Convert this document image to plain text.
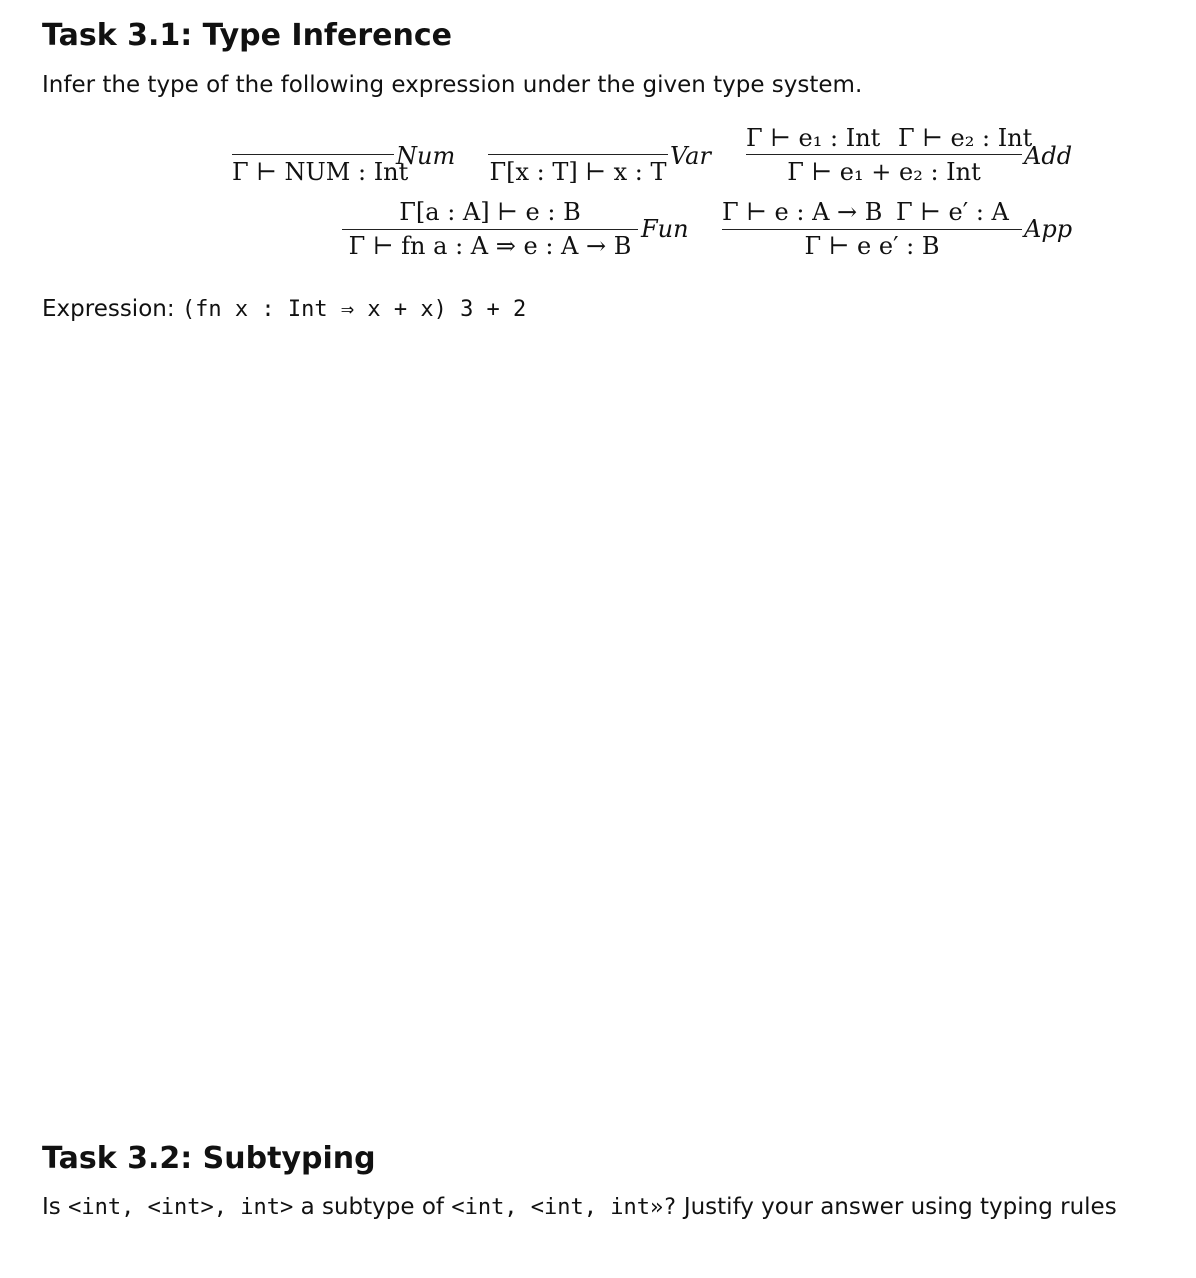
Task 3.1: Type Inference

Infer the type of the following expression under the given type system.

Γ ⊢ NUM : Int
Num
Γ[x : T] ⊢ x : T
Var
Γ ⊢ e₁ : Int Γ ⊢ e₂ : Int
Γ ⊢ e₁ + e₂ : Int
Add
Γ[a : A] ⊢ e : B
Γ ⊢ fn a : A ⇒ e : A → B
Fun
Γ ⊢ e : A → B Γ ⊢ e′ : A
Γ ⊢ e e′ : B
App

Expression: (fn x : Int ⇒ x + x) 3 + 2

Task 3.2: Subtyping

Is <int, <int>, int> a subtype of <int, <int, int»? Justify your answer using typing rules
